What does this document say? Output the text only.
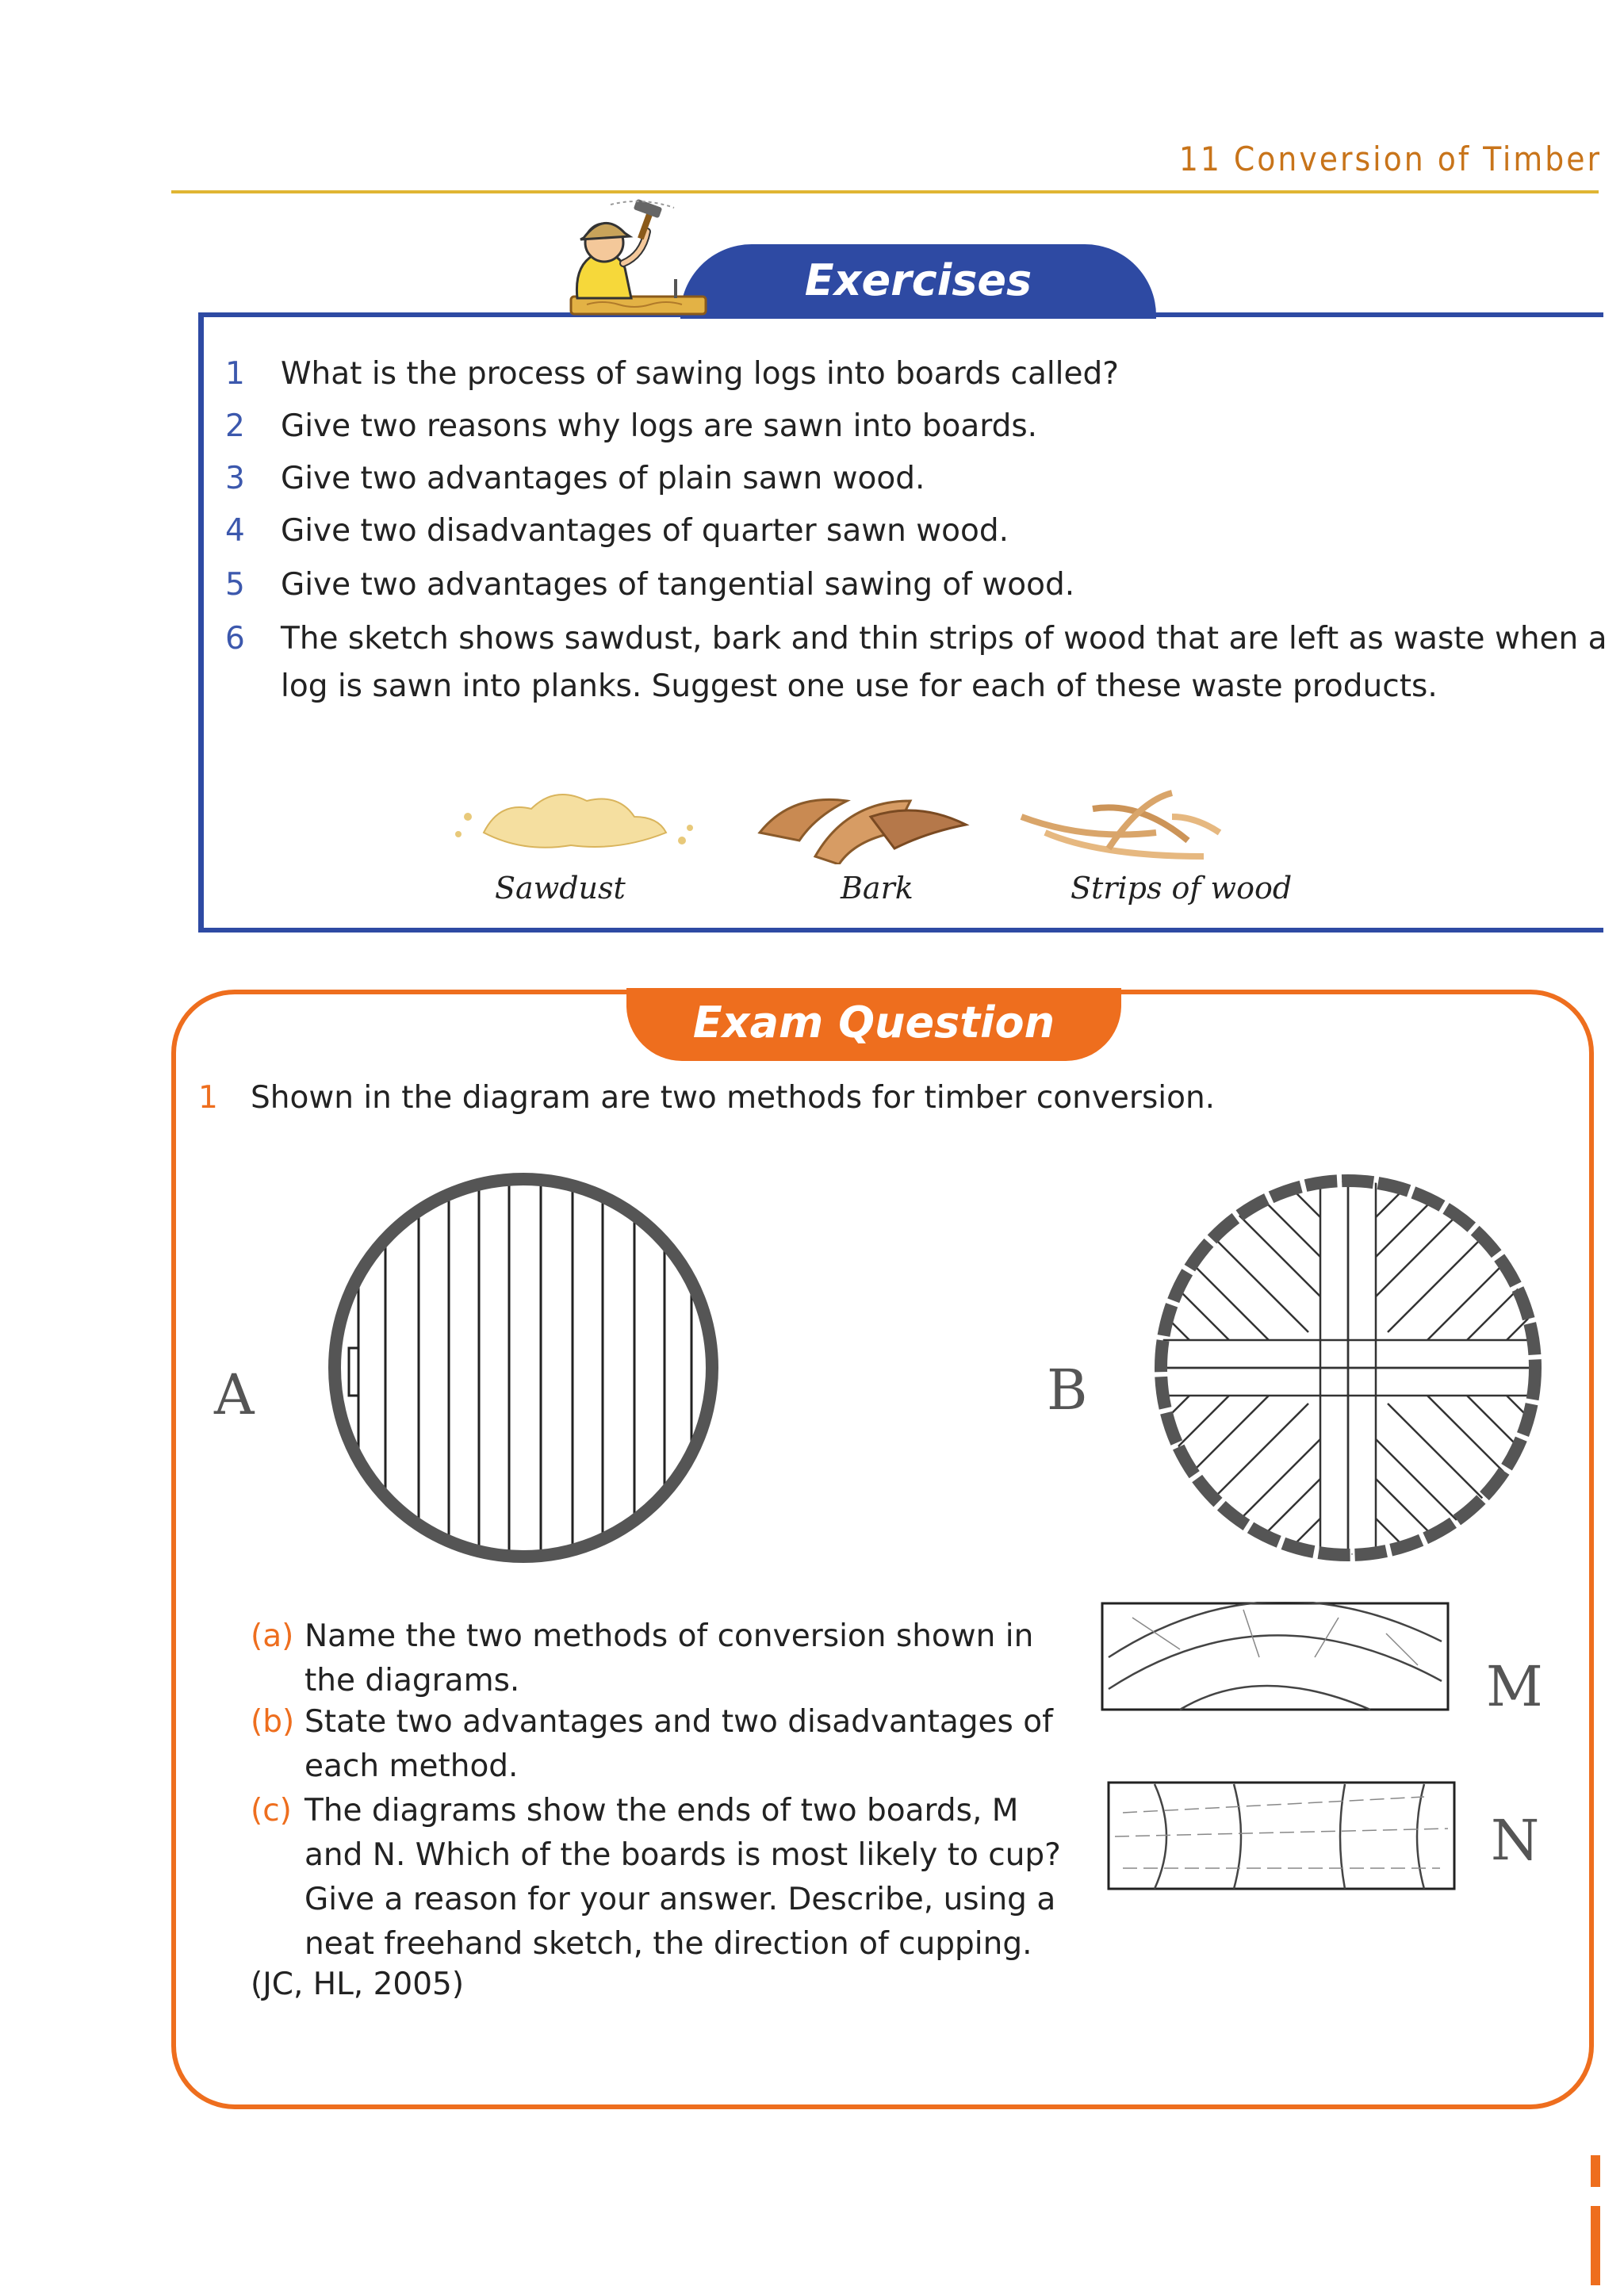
11 Conversion of Timber
Exercises
1 What is the process of sawing logs into boards called?
2 Give two reasons why logs are sawn into boards.
3 Give two advantages of plain sawn wood.
4 Give two disadvantages of quarter sawn wood.
5 Give two advantages of tangential sawing of wood.
6 The sketch shows sawdust, bark and thin strips of wood that are left as waste when a log is sawn into planks. Suggest one use for each of these waste products.
Sawdust	Bark	Strips of wood
Exam Question
1 Shown in the diagram are two methods for timber conversion.
A	B
(a) Name the two methods of conversion shown in the diagrams.
(b) State two advantages and two disadvantages of each method.
(c) The diagrams show the ends of two boards, M and N. Which of the boards is most likely to cup? Give a reason for your answer. Describe, using a neat freehand sketch, the direction of cupping.
(JC, HL, 2005)
M
N
